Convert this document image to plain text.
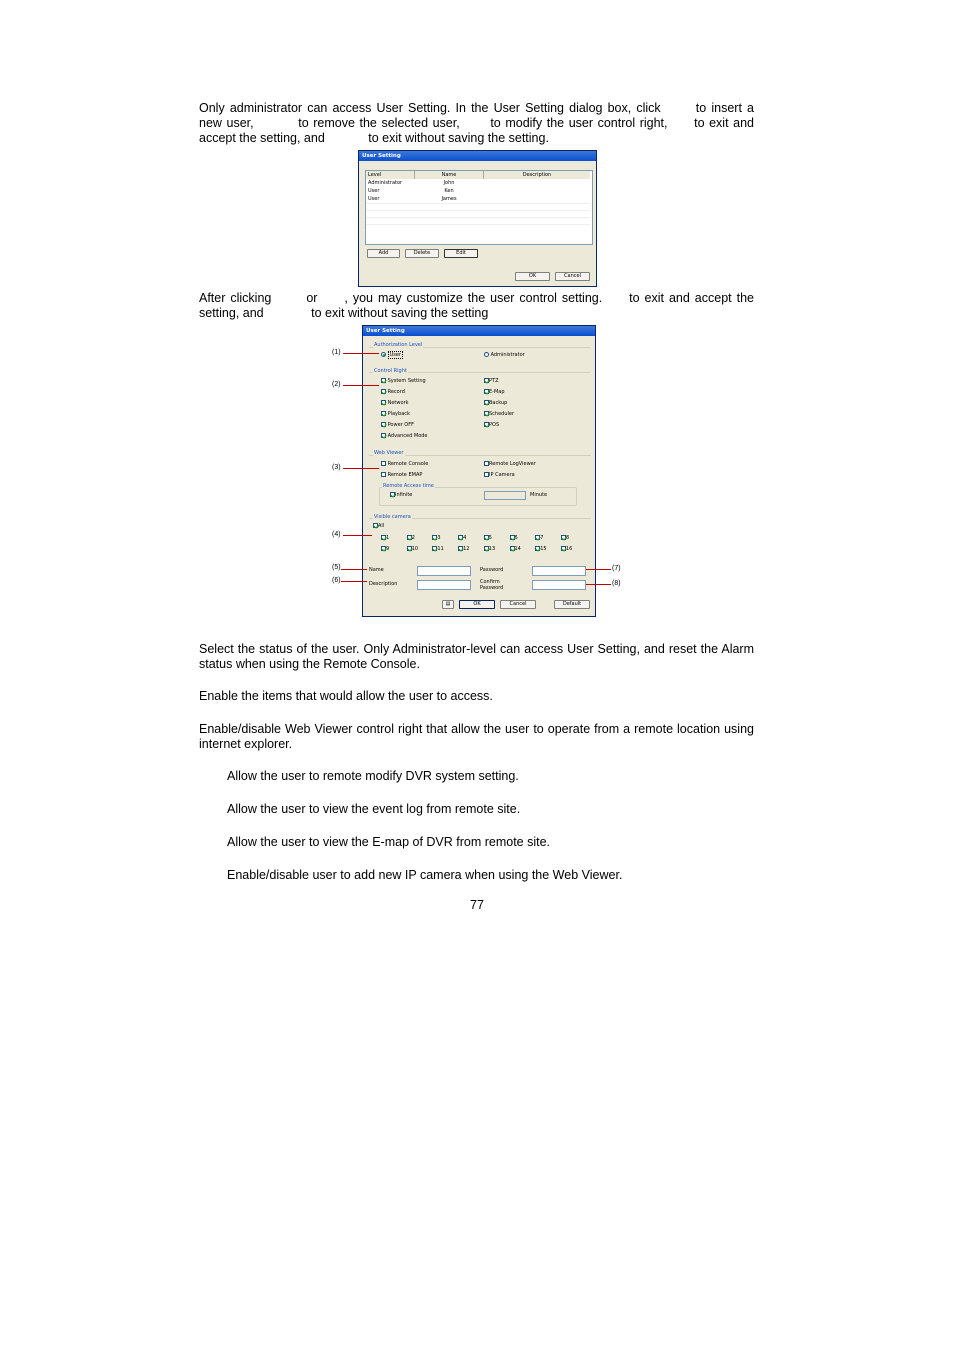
Only administrator can access User Setting. In the User Setting dialog box, click	to insert a new user,	to remove the selected user, to modify the user control right, to exit and accept the setting, and	to exit without saving the setting.
User Setting
Level	Name	Description
Administrator	John	
User	Ken	
User	James	

Add	Delete	Edit
OK	Cancel
After clicking	or , you may customize the user control setting. to exit and accept the setting, and	to exit without saving the setting
User Setting
Authorization Level
User	Administrator
Control Right
System Setting
Record
Network
Playback
Power OFF
Advanced Mode
PTZ
E-Map
Backup
Scheduler
POS
Web Viewer
Remote Console
Remote EMAP
Remote LogViewer
IP Camera
Remote Access time
Infinite	Minute
Visible camera
All
1	2	3	4	5	6	7	8
9	10	11	12	13	14	15	16
Name
Description
Password
Confirm
Password
▤	OK	Cancel	Default
(1)
(2)
(3)
(4)
(5)
(6)
(7)
(8)
Select the status of the user. Only Administrator-level can access User Setting, and reset the Alarm status when using the Remote Console.
Enable the items that would allow the user to access.
Enable/disable Web Viewer control right that allow the user to operate from a remote location using internet explorer.
Allow the user to remote modify DVR system setting.
Allow the user to view the event log from remote site.
Allow the user to view the E-map of DVR from remote site.
Enable/disable user to add new IP camera when using the Web Viewer.
77
